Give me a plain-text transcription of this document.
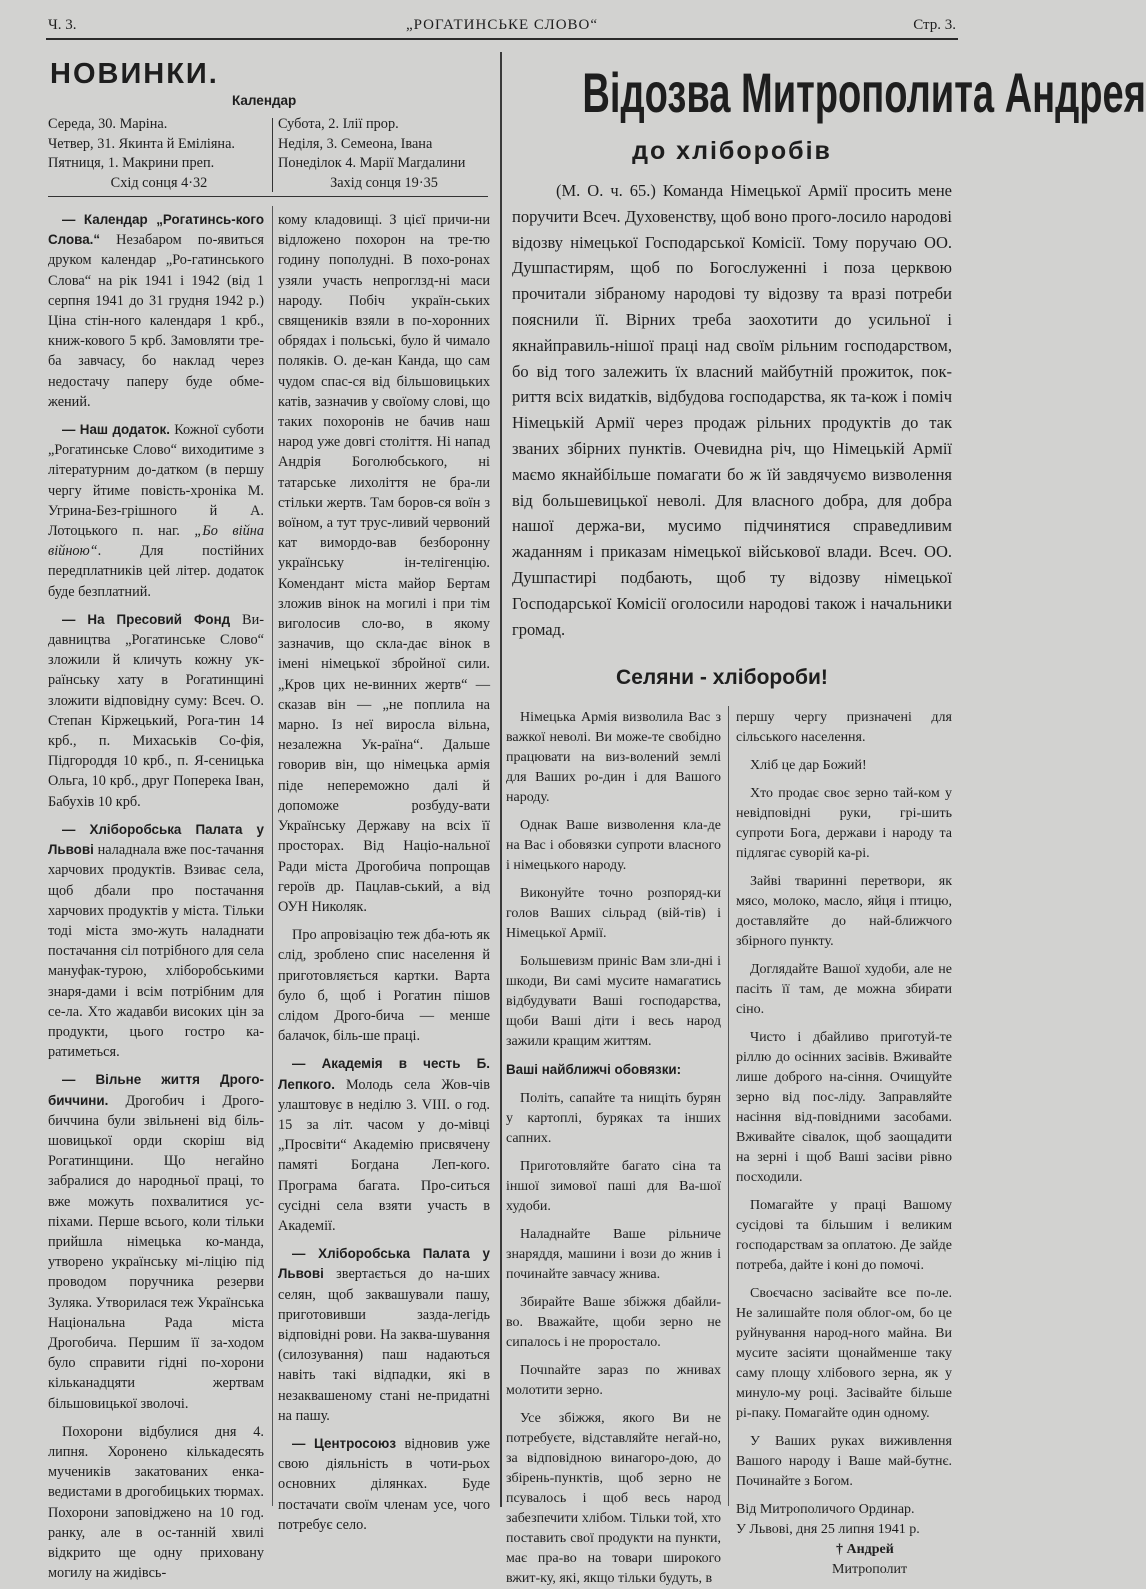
Ч. 3.	„РОГАТИНСЬКЕ СЛОВО“	Стр. 3.
НОВИНКИ.
Календар
Середа, 30. Маріна.
Четвер, 31. Якинта й Еміліяна.
Пятниця, 1. Макрини преп.
Схід сонця 4·32
Субота, 2. Ілії прор.
Неділя, 3. Семеона, Івана
Понеділок 4. Марії Магдалини
Захід сонця 19·35

— Календар „Рогатинсь-кого Слова.“ Незабаром по-явиться друком календар „Ро-гатинського Слова“ на рік 1941 і 1942 (від 1 серпня 1941 до 31 грудня 1942 р.) Ціна стін-ного календаря 1 крб., книж-кового 5 крб. Замовляти тре-ба завчасу, бо наклад через недостачу паперу буде обме-жений.

— Наш додаток. Кожної суботи „Рогатинське Слово“ виходитиме з літературним до-датком (в першу чергу йтиме повість-хроніка М. Угрина-Без-грішного й А. Лотоцького п. наг. „Бо війна війною“. Для постійних передплатників цей літер. додаток буде безплатний.

— На Пресовий Фонд Ви-давництва „Рогатинське Слово“ зложили й кличуть кожну ук-раїнську хату в Рогатинщині зложити відповідну суму: Всеч. О. Степан Кіржецький, Рога-тин 14 крб., п. Михаськів Со-фія, Підгороддя 10 крб., п. Я-сеницька Ольга, 10 крб., друг Поперека Іван, Бабухів 10 крб.

— Хліборобська Палата у Львові наладнала вже пос-тачання харчових продуктів. Взиває села, щоб дбали про постачання харчових продуктів у міста. Тільки тоді міста змо-жуть наладнати постачання сіл потрібного для села мануфак-турою, хліборобськими знаря-дами і всім потрібним для се-ла. Хто жадавби високих цін за продукти, цього гостро ка-ратиметься.

— Вільне життя Дрого-биччини. Дрогобич і Дрого-биччина були звільнені від біль-шовицької орди скоріш від Рогатинщини. Що негайно забралися до народньої праці, то вже можуть похвалитися ус-піхами. Перше всього, коли тільки прийшла німецька ко-манда, утворено українську мі-ліцію під проводом поручника резерви Зуляка. Утворилася теж Українська Національна Рада міста Дрогобича. Першим її за-ходом було справити гідні по-хорони кільканадцяти жертвам більшовицької зволочі.

Похорони відбулися дня 4. липня. Хоронено кількадесять мучеників закатованих енка-ведистами в дрогобицьких тюрмах. Похорони заповіджено на 10 год. ранку, але в ос-танній хвилі відкрито ще одну приховану могилу на жидівсь-

кому кладовищі. З цієї причи-ни відложено похорон на тре-тю годину пополудні. В похо-ронах узяли участь непроглзд-ні маси народу. Побіч україн-ських священиків взяли в по-хоронних обрядах і польські, було й чимало поляків. О. де-кан Канда, що сам чудом спас-ся від більшовицьких катів, зазначив у своїому слові, що таких похоронів не бачив наш народ уже довгі століття. Ні напад Андрія Боголюбського, ні татарське лихоліття не бра-ли стільки жертв. Там боров-ся воїн з воїном, а тут трус-ливий червоний кат вимордо-вав безборонну українську ін-телігенцію. Комендант міста майор Бертам зложив вінок на могилі і при тім виголосив сло-во, в якому зазначив, що скла-дає вінок в імені німецької збройної сили. „Кров цих не-винних жертв“ — сказав він — „не поплила на марно. Із неї виросла вільна, незалежна Ук-раїна“. Дальше говорив він, що німецька армія піде непереможно далі й допоможе розбуду-вати Українську Державу на всіх її просторах. Від Націо-нальної Ради міста Дрогобича попрощав героїв др. Пацлав-ський, а від ОУН Николяк.

Про апровізацію теж дба-ють як слід, зроблено спис населення й приготовляється картки. Варта було б, щоб і Рогатин пішов слідом Дрого-бича — менше балачок, біль-ше праці.

— Академія в честь Б. Лепкого. Молодь села Жов-чів улаштовує в неділю 3. VIII. о год. 15 за літ. часом у до-мівці „Просвіти“ Академію присвячену памяті Богдана Леп-кого. Програма багата. Про-ситься сусідні села взяти участь в Академії.

— Хліборобська Палата у Львові звертається до на-ших селян, щоб заквашували пашу, приготовивши зазда-легідь відповідні рови. На заква-шування (силозування) паш надаються навіть такі відпадки, які в незаквашеному стані не-придатні на пашу.

— Центросоюз відновив уже свою діяльність в чоти-рьох основних ділянках. Буде постачати своїм членам усе, чого потребує село.

Відозва Митрополита Андрея
до хліборобів

(М. О. ч. 65.) Команда Німецької Армії просить мене поручити Всеч. Духовенству, щоб воно прого-лосило народові відозву німецької Господарської Комісії. Тому поручаю ОО. Душпастирям, щоб по Богослуженні і поза церквою прочитали зібраному народові ту відозву та вразі потреби пояснили її. Вірних треба заохотити до усильної і якнайправиль-нішої праці над своїм рільним господарством, бо від того залежить їх власний майбутній прожиток, пок-риття всіх видатків, відбудова господарства, як та-кож і поміч Німецькій Армії через продаж рільних продуктів до так званих збірних пунктів. Очевидна річ, що Німецькій Армії маємо якнайбільше помагати бо ж їй завдячуємо визволення від большевицької неволі. Для власного добра, для добра нашої держа-ви, мусимо підчинятися справедливим жаданням і приказам німецької військової влади. Всеч. ОО. Душпастирі подбають, щоб ту відозву німецької Господарської Комісії оголосили народові також і начальники громад.

Селяни - хлібороби!

Німецька Армія визволила Вас з важкої неволі. Ви може-те свобідно працювати на виз-волений землі для Ваших ро-дин і для Вашого народу.

Однак Ваше визволення кла-де на Вас і обовязки супроти власного і німецького народу.

Виконуйте точно розпоряд-ки голов Ваших сільрад (вій-тів) і Німецької Армії.

Большевизм приніс Вам зли-дні і шкоди, Ви самі мусите намагатись відбудувати Ваші господарства, щоби Ваші діти і весь народ зажили кращим життям.

Ваші найближчі обовязки:

Політь, сапайте та нищіть бурян у картоплі, буряках та інших сапних.

Приготовляйте багато сіна та іншої зимової паші для Ва-шої худоби.

Наладнайте Ваше рільниче знаряддя, машини і вози до жнив і починайте завчасу жнива.

Збирайте Ваше збіжжя дбайли-во. Вважайте, щоби зерно не сипалось і не проростало.

Почınайте зараз по жнивах молотити зерно.

Усе збіжжя, якого Ви не потребуєте, відставляйте негай-но, за відповідною винагоро-дою, до збірень-пунктів, щоб зерно не псувалось і щоб весь народ забезпечити хлібом. Тільки той, хто поставить свої продукти на пункти, має пра-во на товари широкого вжит-ку, які, якщо тільки будуть, в

першу чергу призначені для сільського населення.

Хліб це дар Божий!

Хто продає своє зерно тай-ком у невідповідні руки, грі-шить супроти Бога, держави і народу та підлягає суворій ка-рі.

Зайві тваринні перетвори, як мясо, молоко, масло, яйця і птицю, доставляйте до най-ближчого збірного пункту.

Доглядайте Вашої худоби, але не пасіть її там, де можна збирати сіно.

Чисто і дбайливо приготуй-те ріллю до осінних засівів. Вживайте лише доброго на-сіння. Очищуйте зерно від пос-ліду. Заправляйте насіння від-повідними засобами. Вживайте сівалок, щоб заощадити на зерні і щоб Ваші засіви рівно посходили.

Помагайте у праці Вашому сусідові та більшим і великим господарствам за оплатою. Де зайде потреба, дайте і коні до помочі.

Своєчасно засівайте все по-ле. Не залишайте поля облог-ом, бо це руйнування народ-ного майна. Ви мусите засіяти щонайменше таку саму площу хлібового зерна, як у минуло-му році. Засівайте більше рі-паку. Помагайте один одному.

У Ваших руках виживлення Вашого народу і Ваше май-бутнє. Починайте з Богом.

Від Митрополичого Ординар.

У Львові, дня 25 липня 1941 р.

† Андрей

Митрополит
